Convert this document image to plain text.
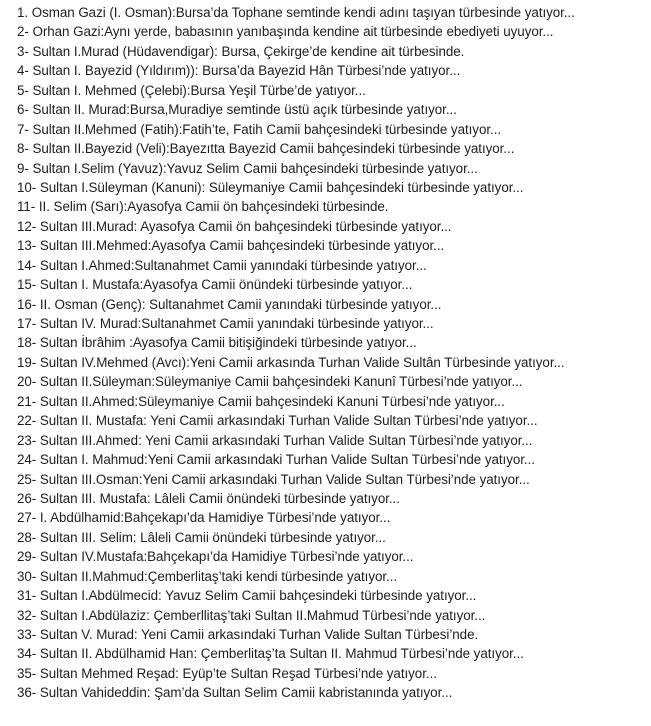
1. Osman Gazi (I. Osman):Bursa’da Tophane semtinde kendi adını taşıyan türbesinde yatıyor...
2- Orhan Gazi:Aynı yerde, babasının yanıbaşında kendine ait türbesinde ebediyeti uyuyor...
3- Sultan I.Murad (Hüdavendigar): Bursa, Çekirge’de kendine ait türbesinde.
4- Sultan I. Bayezid (Yıldırım)): Bursa’da Bayezid Hân Türbesi’nde yatıyor...
5- Sultan I. Mehmed (Çelebi):Bursa Yeşil Türbe’de yatıyor...
6- Sultan II. Murad:Bursa,Muradiye semtinde üstü açık türbesinde yatıyor...
7- Sultan II.Mehmed (Fatih):Fatih’te, Fatih Camii bahçesindeki türbesinde yatıyor...
8- Sultan II.Bayezid (Veli):Bayezıtta Bayezid Camii bahçesindeki türbesinde yatıyor...
9- Sultan I.Selim (Yavuz):Yavuz Selim Camii bahçesindeki türbesinde yatıyor...
10- Sultan I.Süleyman (Kanuni): Süleymaniye Camii bahçesindeki türbesinde yatıyor...
11- II. Selim (Sarı):Ayasofya Camii ön bahçesindeki türbesinde.
12- Sultan III.Murad: Ayasofya Camii ön bahçesindeki türbesinde yatıyor...
13- Sultan III.Mehmed:Ayasofya Camii bahçesindeki türbesinde yatıyor...
14- Sultan I.Ahmed:Sultanahmet Camii yanındaki türbesinde yatıyor...
15- Sultan I. Mustafa:Ayasofya Camii önündeki türbesinde yatıyor...
16- II. Osman (Genç): Sultanahmet Camii yanındaki türbesinde yatıyor...
17- Sultan IV. Murad:Sultanahmet Camii yanındaki türbesinde yatıyor...
18- Sultan İbrâhim :Ayasofya Camii bitişiğindeki türbesinde yatıyor...
19- Sultan IV.Mehmed (Avcı):Yeni Camii arkasında Turhan Valide Sultân Türbesinde yatıyor...
20- Sultan II.Süleyman:Süleymaniye Camii bahçesindeki Kanunî Türbesi’nde yatıyor...
21- Sultan II.Ahmed:Süleymaniye Camii bahçesindeki Kanuni Türbesi’nde yatıyor...
22- Sultan II. Mustafa: Yeni Camii arkasındaki Turhan Valide Sultan Türbesi’nde yatıyor...
23- Sultan III.Ahmed: Yeni Camii arkasındaki Turhan Valide Sultan Türbesi’nde yatıyor...
24- Sultan I. Mahmud:Yeni Camii arkasındaki Turhan Valide Sultan Türbesi’nde yatıyor...
25- Sultan III.Osman:Yeni Camii arkasındaki Turhan Valide Sultan Türbesi’nde yatıyor...
26- Sultan III. Mustafa: Lâleli Camii önündeki türbesinde yatıyor...
27- I. Abdülhamid:Bahçekapı’da Hamidiye Türbesi’nde yatıyor...
28- Sultan III. Selim: Lâleli Camii önündeki türbesinde yatıyor...
29- Sultan IV.Mustafa:Bahçekapı’da Hamidiye Türbesi’nde yatıyor...
30- Sultan II.Mahmud:Çemberlitaş’taki kendi türbesinde yatıyor...
31- Sultan I.Abdülmecid: Yavuz Selim Camii bahçesindeki türbesinde yatıyor...
32- Sultan I.Abdülaziz: Çemberllitaş’taki Sultan II.Mahmud Türbesi’nde yatıyor...
33- Sultan V. Murad: Yeni Camii arkasındaki Turhan Valide Sultan Türbesi’nde.
34- Sultan II. Abdülhamid Han: Çemberlitaş’ta Sultan II. Mahmud Türbesi’nde yatıyor...
35- Sultan Mehmed Reşad: Eyüp’te Sultan Reşad Türbesi’nde yatıyor...
36- Sultan Vahideddin: Şam’da Sultan Selim Camii kabristanında yatıyor...
